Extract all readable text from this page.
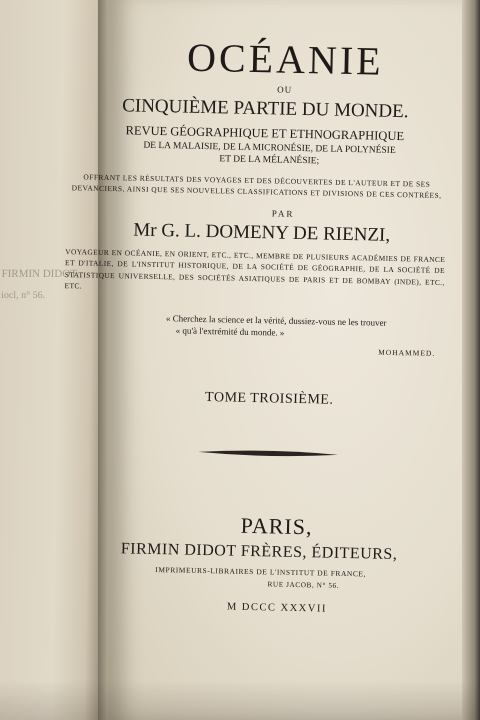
FIRMIN DIDOT
iocl, n° 56.
OCÉANIE
OU
CINQUIÈME PARTIE DU MONDE.
REVUE GÉOGRAPHIQUE ET ETHNOGRAPHIQUE
DE LA MALAISIE, DE LA MICRONÉSIE, DE LA POLYNÉSIE
ET DE LA MÉLANÉSIE;
OFFRANT LES RÉSULTATS DES VOYAGES ET DES DÉCOUVERTES DE L'AUTEUR ET DE SES DEVANCIERS, AINSI QUE SES NOUVELLES CLASSIFICATIONS ET DIVISIONS DE CES CONTRÉES,
PAR
Mr G. L. DOMENY DE RIENZI,
VOYAGEUR EN OCÉANIE, EN ORIENT, ETC., ETC., MEMBRE DE PLUSIEURS ACADÉMIES DE FRANCE ET D'ITALIE, DE L'INSTITUT HISTORIQUE, DE LA SOCIÉTÉ DE GÉOGRAPHIE, DE LA SOCIÉTÉ DE STATISTIQUE UNIVERSELLE, DES SOCIÉTÉS ASIATIQUES DE PARIS ET DE BOMBAY (INDE), ETC., ETC.
« Cherchez la science et la vérité, dussiez-vous ne les trouver
« qu'à l'extrémité du monde. »
MOHAMMED.
TOME TROISIÈME.
PARIS,
FIRMIN DIDOT FRÈRES, ÉDITEURS,
IMPRIMEURS-LIBRAIRES DE L'INSTITUT DE FRANCE,
RUE JACOB, N° 56.
M DCCC XXXVII
